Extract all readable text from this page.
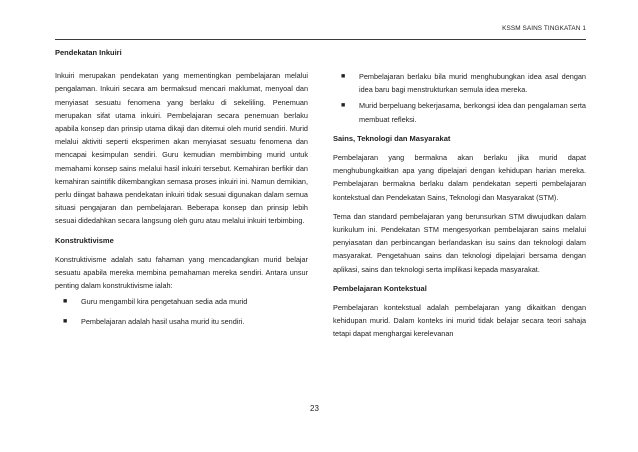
KSSM SAINS TINGKATAN 1

Pendekatan Inkuiri

Inkuiri merupakan pendekatan yang mementingkan pembelajaran melalui pengalaman. Inkuiri secara am bermaksud mencari maklumat, menyoal dan menyiasat sesuatu fenomena yang berlaku di sekeliling. Penemuan merupakan sifat utama inkuiri. Pembelajaran secara penemuan berlaku apabila konsep dan prinsip utama dikaji dan ditemui oleh murid sendiri. Murid melalui aktiviti seperti eksperimen akan menyiasat sesuatu fenomena dan mencapai kesimpulan sendiri. Guru kemudian membimbing murid untuk memahami konsep sains melalui hasil inkuiri tersebut. Kemahiran berfikir dan kemahiran saintifik dikembangkan semasa proses inkuiri ini. Namun demikian, perlu diingat bahawa pendekatan inkuiri tidak sesuai digunakan dalam semua situasi pengajaran dan pembelajaran. Beberapa konsep dan prinsip lebih sesuai didedahkan secara langsung oleh guru atau melalui inkuiri terbimbing.

Konstruktivisme

Konstruktivisme adalah satu fahaman yang mencadangkan murid belajar sesuatu apabila mereka membina pemahaman mereka sendiri. Antara unsur penting dalam konstruktivisme ialah:

■ Guru mengambil kira pengetahuan sedia ada murid
■ Pembelajaran adalah hasil usaha murid itu sendiri.
■ Pembelajaran berlaku bila murid menghubungkan idea asal dengan idea baru bagi menstrukturkan semula idea mereka.
■ Murid berpeluang bekerjasama, berkongsi idea dan pengalaman serta membuat refleksi.

Sains, Teknologi dan Masyarakat

Pembelajaran yang bermakna akan berlaku jika murid dapat menghubungkaitkan apa yang dipelajari dengan kehidupan harian mereka. Pembelajaran bermakna berlaku dalam pendekatan seperti pembelajaran kontekstual dan Pendekatan Sains, Teknologi dan Masyarakat (STM).

Tema dan standard pembelajaran yang berunsurkan STM diwujudkan dalam kurikulum ini. Pendekatan STM mengesyorkan pembelajaran sains melalui penyiasatan dan perbincangan berlandaskan isu sains dan teknologi dalam masyarakat. Pengetahuan sains dan teknologi dipelajari bersama dengan aplikasi, sains dan teknologi serta implikasi kepada masyarakat.

Pembelajaran Kontekstual

Pembelajaran kontekstual adalah pembelajaran yang dikaitkan dengan kehidupan murid. Dalam konteks ini murid tidak belajar secara teori sahaja tetapi dapat menghargai kerelevanan

23
